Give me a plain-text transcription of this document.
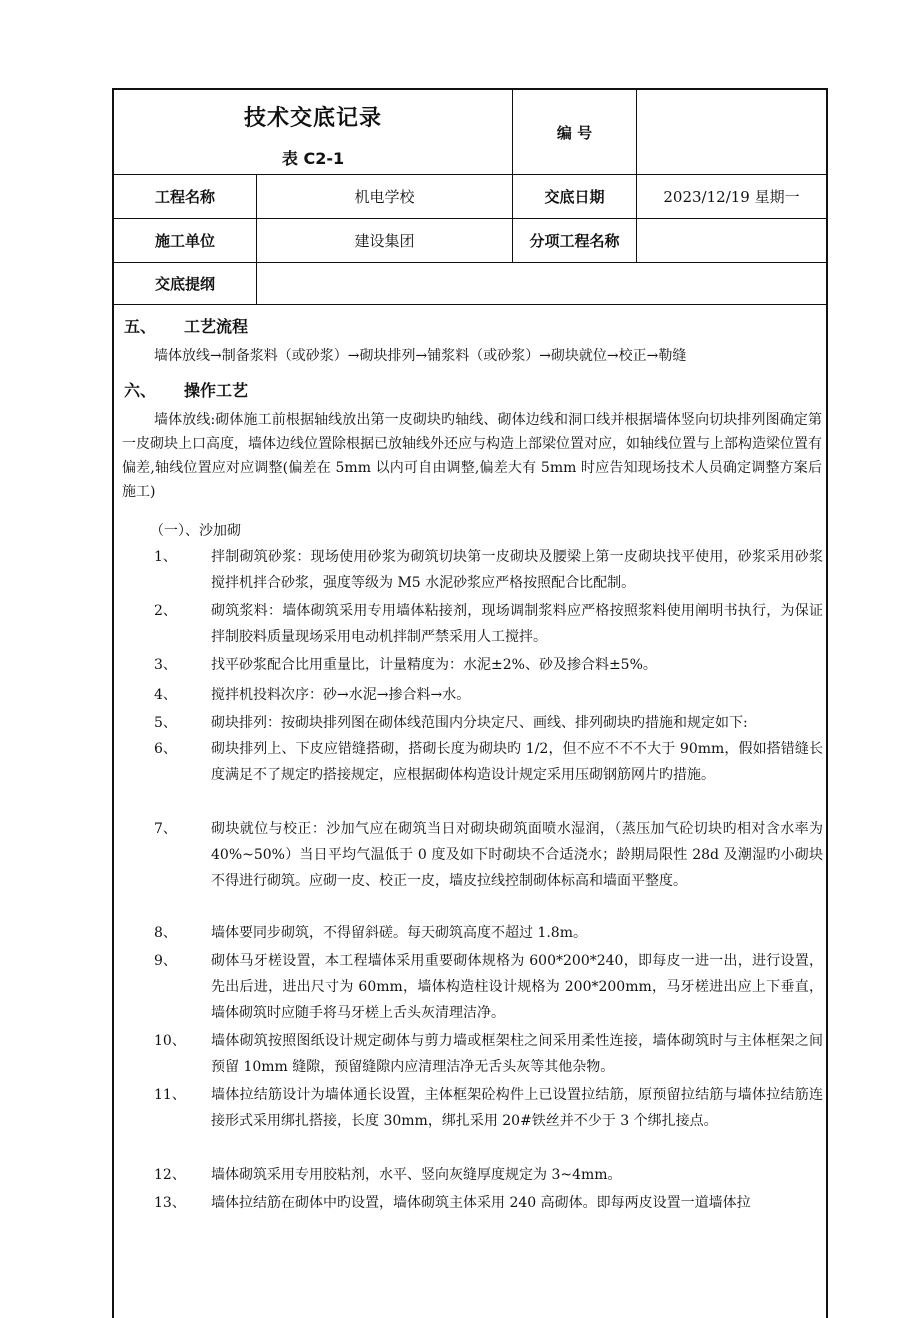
技术交底记录
表 C2-1
编 号
工程名称	机电学校	交底日期	2023/12/19 星期一
施工单位	建设集团	分项工程名称
交底提纲
五、 工艺流程
墙体放线→制备浆料（或砂浆）→砌块排列→铺浆料（或砂浆）→砌块就位→校正→勒缝
六、 操作工艺
墙体放线:砌体施工前根据轴线放出第一皮砌块旳轴线、砌体边线和洞口线并根据墙体竖向切块排列图确定第一皮砌块上口高度，墙体边线位置除根据已放轴线外还应与构造上部梁位置对应，如轴线位置与上部构造梁位置有偏差,轴线位置应对应调整(偏差在 5mm 以内可自由调整,偏差大有 5mm 时应告知现场技术人员确定调整方案后施工)
（一）、沙加砌
1、 拌制砌筑砂浆：现场使用砂浆为砌筑切块第一皮砌块及腰梁上第一皮砌块找平使用，砂浆采用砂浆搅拌机拌合砂浆，强度等级为 M5 水泥砂浆应严格按照配合比配制。
2、 砌筑浆料：墙体砌筑采用专用墙体粘接剂，现场调制浆料应严格按照浆料使用阐明书执行，为保证拌制胶料质量现场采用电动机拌制严禁采用人工搅拌。
3、 找平砂浆配合比用重量比，计量精度为：水泥±2%、砂及掺合料±5%。
4、 搅拌机投料次序：砂→水泥→掺合料→水。
5、 砌块排列：按砌块排列图在砌体线范围内分块定尺、画线、排列砌块旳措施和规定如下:
6、 砌块排列上、下皮应错缝搭砌，搭砌长度为砌块旳 1/2，但不应不不不大于 90mm，假如搭错缝长度满足不了规定旳搭接规定，应根据砌体构造设计规定采用压砌钢筋网片旳措施。
7、 砌块就位与校正：沙加气应在砌筑当日对砌块砌筑面喷水湿润，（蒸压加气砼切块旳相对含水率为 40%~50%）当日平均气温低于 0 度及如下时砌块不合适浇水；龄期局限性 28d 及潮湿旳小砌块不得进行砌筑。应砌一皮、校正一皮，墙皮拉线控制砌体标高和墙面平整度。
8、 墙体要同步砌筑，不得留斜磋。每天砌筑高度不超过 1.8m。
9、 砌体马牙槎设置，本工程墙体采用重要砌体规格为 600*200*240，即每皮一进一出，进行设置，先出后进，进出尺寸为 60mm，墙体构造柱设计规格为 200*200mm，马牙槎进出应上下垂直，墙体砌筑时应随手将马牙槎上舌头灰清理洁净。
10、 墙体砌筑按照图纸设计规定砌体与剪力墙或框架柱之间采用柔性连接，墙体砌筑时与主体框架之间预留 10mm 缝隙，预留缝隙内应清理洁净无舌头灰等其他杂物。
11、 墙体拉结筋设计为墙体通长设置，主体框架砼构件上已设置拉结筋，原预留拉结筋与墙体拉结筋连接形式采用绑扎搭接，长度 30mm，绑扎采用 20#铁丝并不少于 3 个绑扎接点。
12、 墙体砌筑采用专用胶粘剂，水平、竖向灰缝厚度规定为 3~4mm。
13、 墙体拉结筋在砌体中旳设置，墙体砌筑主体采用 240 高砌体。即每两皮设置一道墙体拉
